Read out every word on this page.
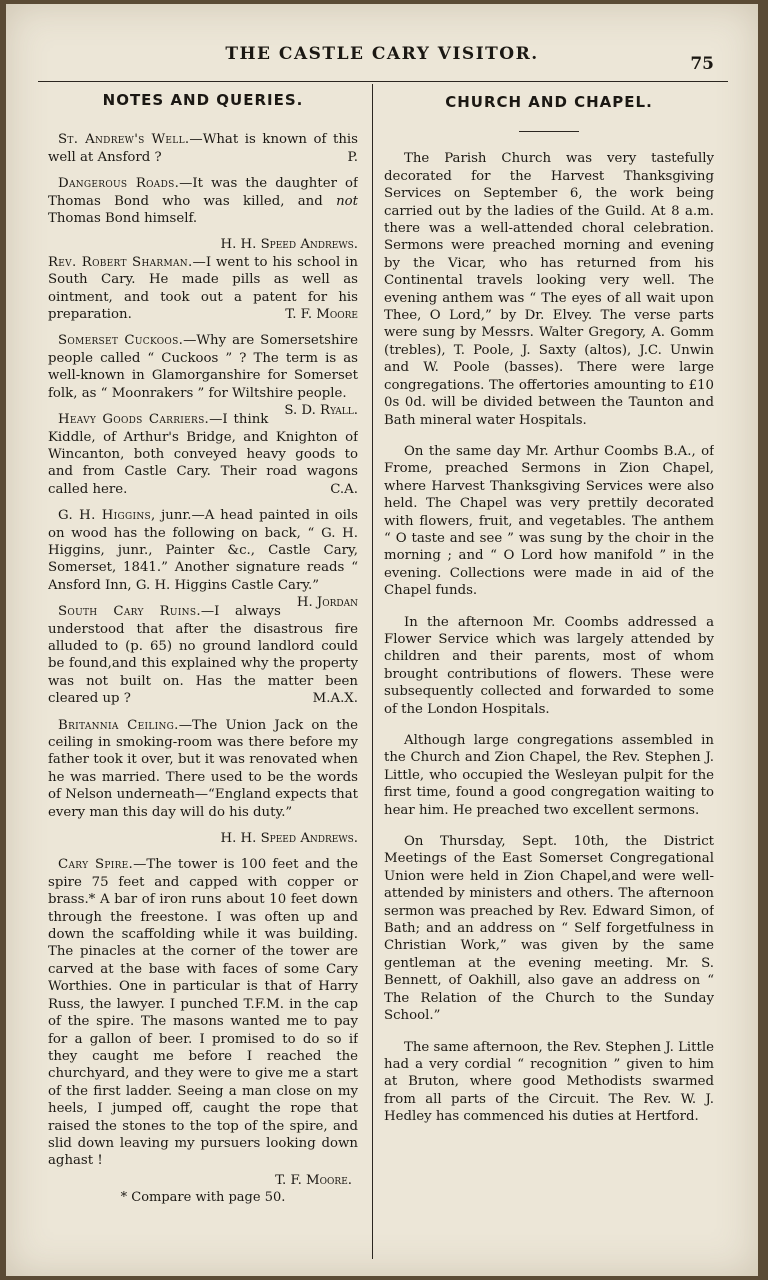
THE CASTLE CARY VISITOR.	75
NOTES AND QUERIES.

St. Andrew's Well.—What is known of this well at Ansford ?	P.

Dangerous Roads.—It was the daughter of Thomas Bond who was killed, and not Thomas Bond himself.

H. H. Speed Andrews.

Rev. Robert Sharman.—I went to his school in South Cary. He made pills as well as ointment, and took out a patent for his preparation.	T. F. Moore

Somerset Cuckoos.—Why are Somersetshire people called “ Cuckoos ” ? The term is as well-known in Glamorganshire for Somerset folk, as “ Moonrakers ” for Wiltshire people.
S. D. Ryall.

Heavy Goods Carriers.—I think Kiddle, of Arthur's Bridge, and Knighton of Wincanton, both conveyed heavy goods to and from Castle Cary. Their road wagons called here.	C.A.

G. H. Higgins, junr.—A head painted in oils on wood has the following on back, “ G. H. Higgins, junr., Painter &c., Castle Cary, Somerset, 1841.” Another signature reads “ Ansford Inn, G. H. Higgins Castle Cary.”
H. Jordan

South Cary Ruins.—I always understood that after the disastrous fire alluded to (p. 65) no ground landlord could be found,and this explained why the property was not built on. Has the matter been cleared up ?	M.A.X.

Britannia Ceiling.—The Union Jack on the ceiling in smoking-room was there before my father took it over, but it was renovated when he was married. There used to be the words of Nelson underneath—“England expects that every man this day will do his duty.”

H. H. Speed Andrews.

Cary Spire.—The tower is 100 feet and the spire 75 feet and capped with copper or brass.* A bar of iron runs about 10 feet down through the freestone. I was often up and down the scaffolding while it was building. The pinacles at the corner of the tower are carved at the base with faces of some Cary Worthies. One in particular is that of Harry Russ, the lawyer. I punched T.F.M. in the cap of the spire. The masons wanted me to pay for a gallon of beer. I promised to do so if they caught me before I reached the churchyard, and they were to give me a start of the first ladder. Seeing a man close on my heels, I jumped off, caught the rope that raised the stones to the top of the spire, and slid down leaving my pursuers looking down aghast !

T. F. Moore.

* Compare with page 50.

CHURCH AND CHAPEL.

The Parish Church was very tastefully decorated for the Harvest Thanksgiving Services on September 6, the work being carried out by the ladies of the Guild. At 8 a.m. there was a well-attended choral celebration. Sermons were preached morning and evening by the Vicar, who has returned from his Continental travels looking very well. The evening anthem was “ The eyes of all wait upon Thee, O Lord,” by Dr. Elvey. The verse parts were sung by Messrs. Walter Gregory, A. Gomm (trebles), T. Poole, J. Saxty (altos), J.C. Unwin and W. Poole (basses). There were large congregations. The offertories amounting to £10 0s 0d. will be divided between the Taunton and Bath mineral water Hospitals.

On the same day Mr. Arthur Coombs B.A., of Frome, preached Sermons in Zion Chapel, where Harvest Thanksgiving Services were also held. The Chapel was very prettily decorated with flowers, fruit, and vegetables. The anthem “ O taste and see ” was sung by the choir in the morning ; and “ O Lord how manifold ” in the evening. Collections were made in aid of the Chapel funds.

In the afternoon Mr. Coombs addressed a Flower Service which was largely attended by children and their parents, most of whom brought contributions of flowers. These were subsequently collected and forwarded to some of the London Hospitals.

Although large congregations assembled in the Church and Zion Chapel, the Rev. Stephen J. Little, who occupied the Wesleyan pulpit for the first time, found a good congregation waiting to hear him. He preached two excellent sermons.

On Thursday, Sept. 10th, the District Meetings of the East Somerset Congregational Union were held in Zion Chapel,and were well-attended by ministers and others. The afternoon sermon was preached by Rev. Edward Simon, of Bath; and an address on “ Self forgetfulness in Christian Work,” was given by the same gentleman at the evening meeting. Mr. S. Bennett, of Oakhill, also gave an address on “ The Relation of the Church to the Sunday School.”

The same afternoon, the Rev. Stephen J. Little had a very cordial “ recognition ” given to him at Bruton, where good Methodists swarmed from all parts of the Circuit. The Rev. W. J. Hedley has commenced his duties at Hertford.
